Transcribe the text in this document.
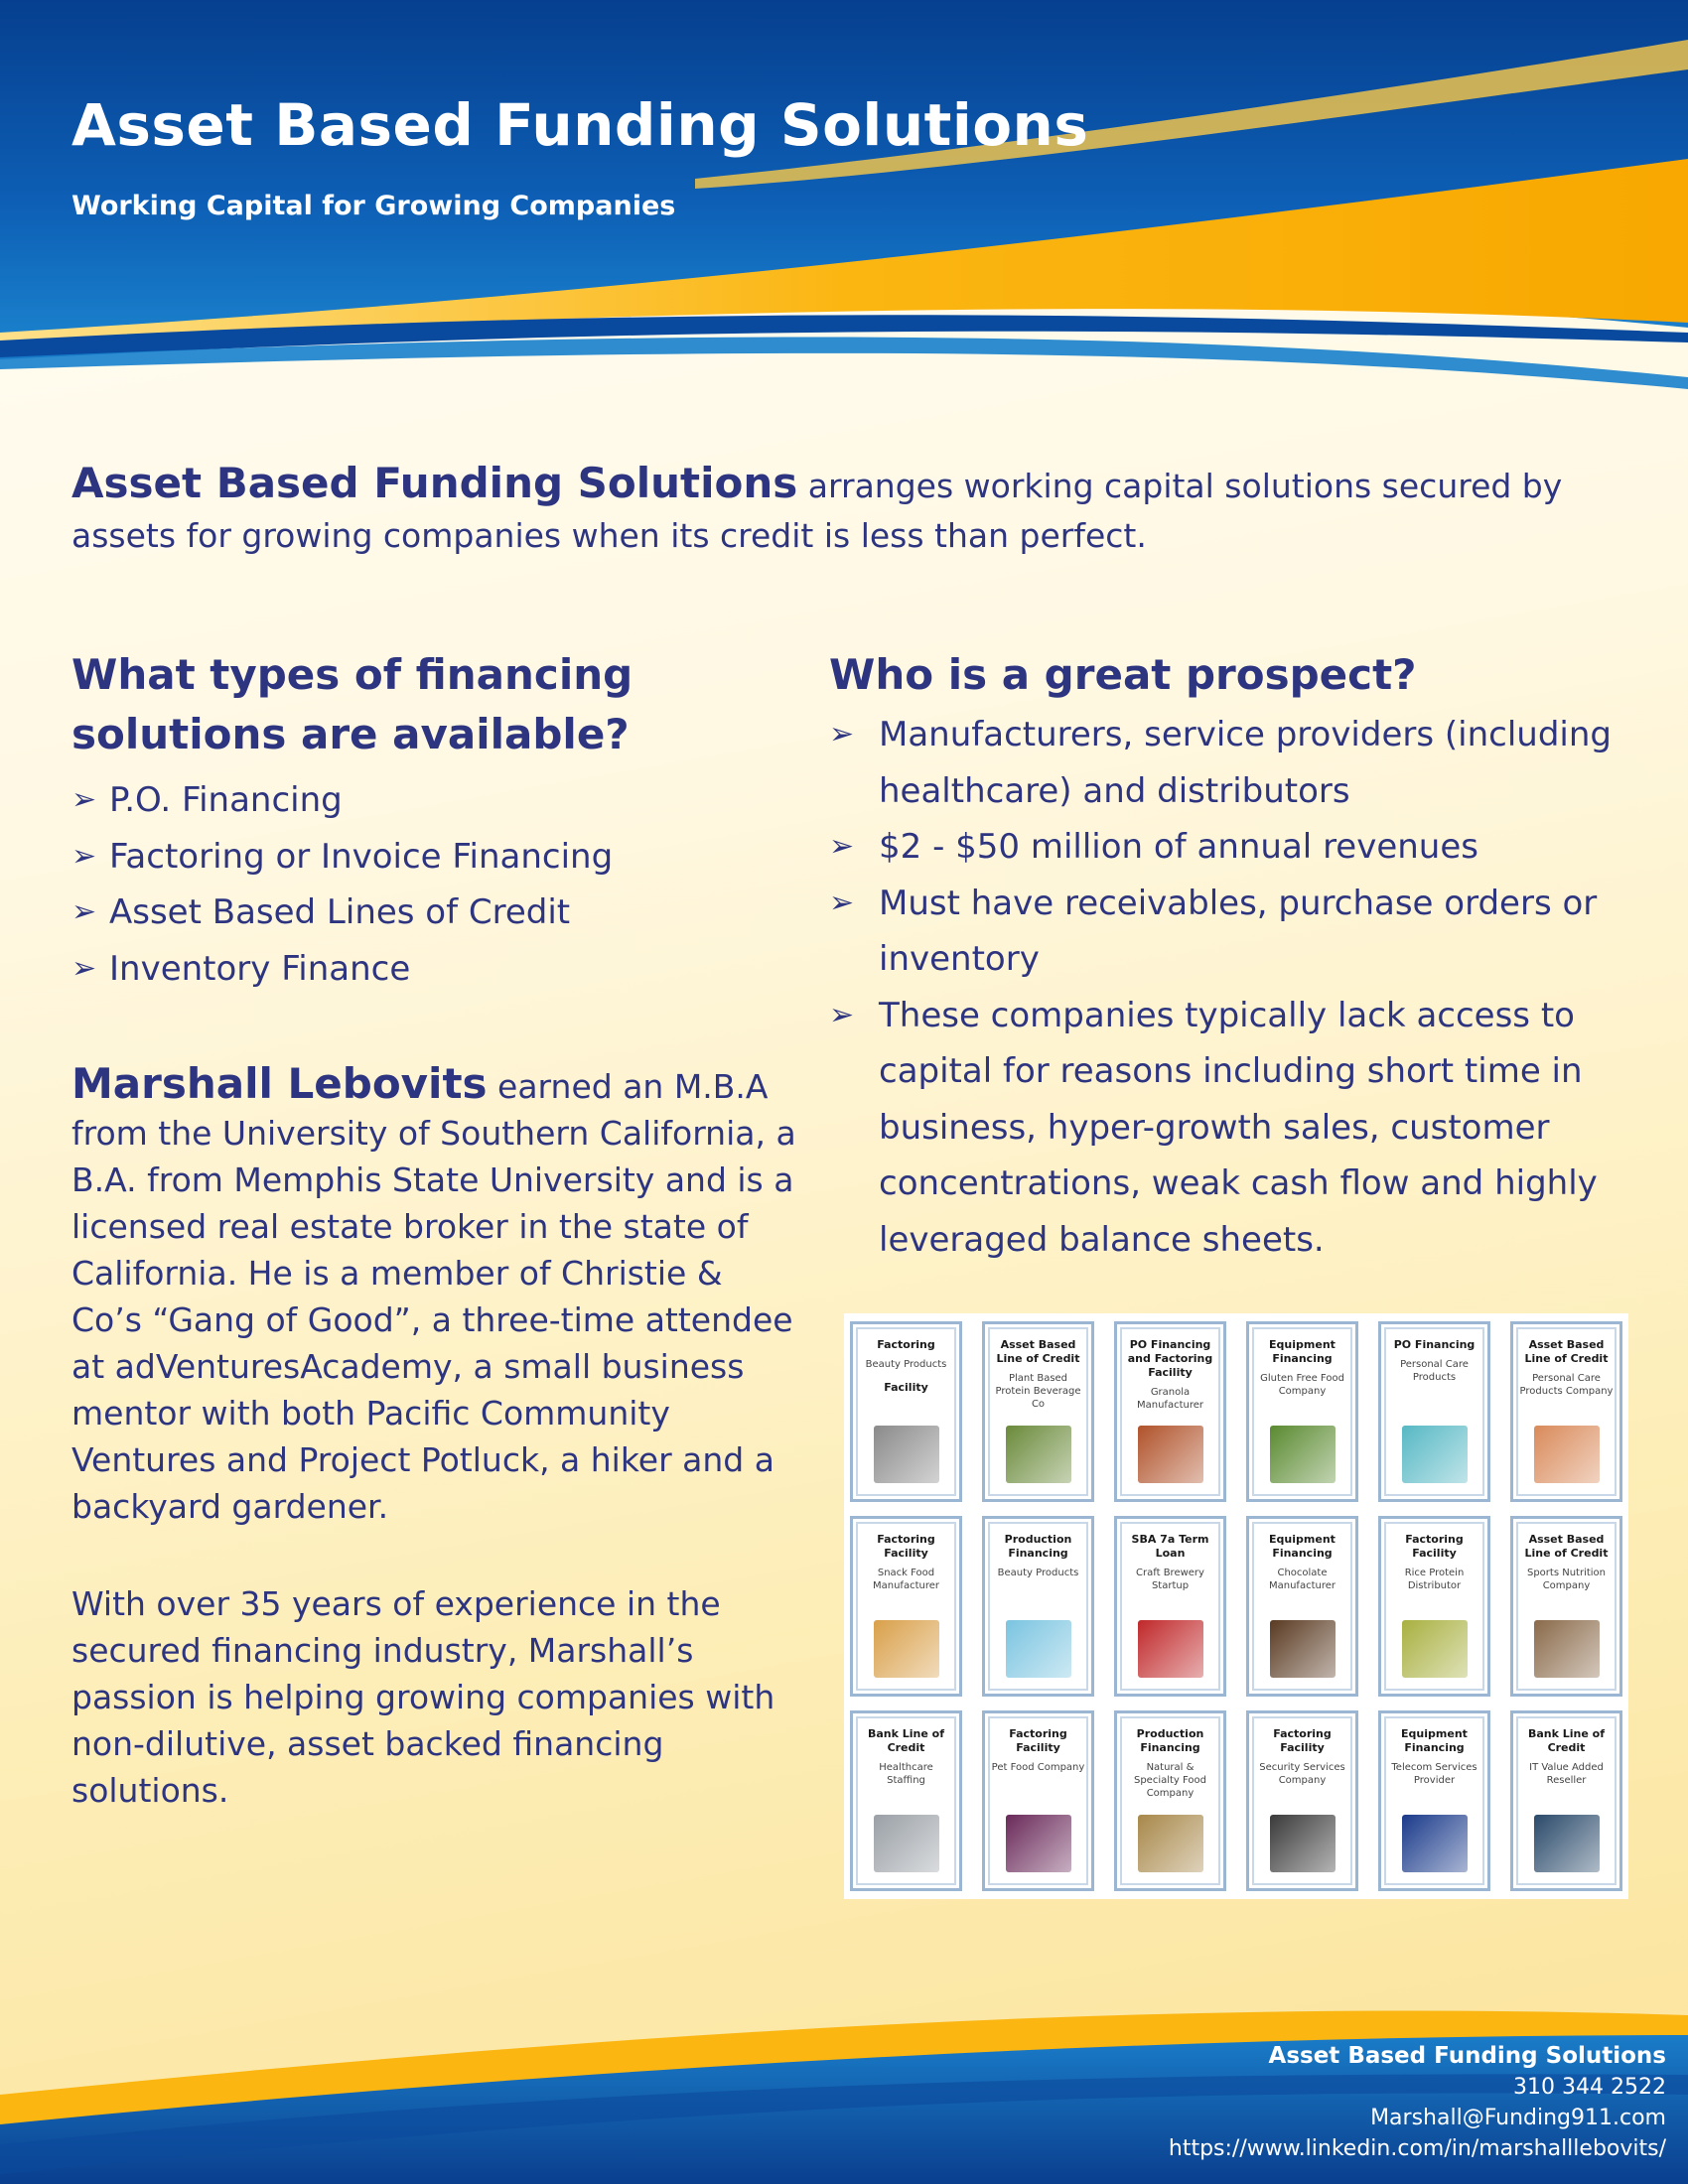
Asset Based Funding Solutions
Working Capital for Growing Companies
Asset Based Funding Solutions arranges working capital solutions secured by assets for growing companies when its credit is less than perfect.
What types of financing solutions are available?
➢ P.O. Financing
➢ Factoring or Invoice Financing
➢ Asset Based Lines of Credit
➢ Inventory Finance
Who is a great prospect?
➢ Manufacturers, service providers (including healthcare) and distributors
➢ $2 - $50 million of annual revenues
➢ Must have receivables, purchase orders or inventory
➢ These companies typically lack access to capital for reasons including short time in business, hyper-growth sales, customer concentrations, weak cash flow and highly leveraged balance sheets.
Marshall Lebovits earned an M.B.A from the University of Southern California, a B.A. from Memphis State University and is a licensed real estate broker in the state of California. He is a member of Christie & Co’s “Gang of Good”, a three-time attendee at adVenturesAcademy, a small business mentor with both Pacific Community Ventures and Project Potluck, a hiker and a backyard gardener.
With over 35 years of experience in the secured financing industry, Marshall’s passion is helping growing companies with non-dilutive, asset backed financing solutions.
Factoring
Beauty Products
Facility
Asset Based Line of Credit
Plant Based Protein Beverage Co
PO Financing and Factoring Facility
Granola Manufacturer
Equipment Financing
Gluten Free Food Company
PO Financing
Personal Care Products
Asset Based Line of Credit
Personal Care Products Company
Factoring Facility
Snack Food Manufacturer
Production Financing
Beauty Products
SBA 7a Term Loan
Craft Brewery Startup
Equipment Financing
Chocolate Manufacturer
Factoring Facility
Rice Protein Distributor
Asset Based Line of Credit
Sports Nutrition Company
Bank Line of Credit
Healthcare Staffing
Factoring Facility
Pet Food Company
Production Financing
Natural & Specialty Food Company
Factoring Facility
Security Services Company
Equipment Financing
Telecom Services Provider
Bank Line of Credit
IT Value Added Reseller
Asset Based Funding Solutions
310 344 2522
Marshall@Funding911.com
https://www.linkedin.com/in/marshalllebovits/
